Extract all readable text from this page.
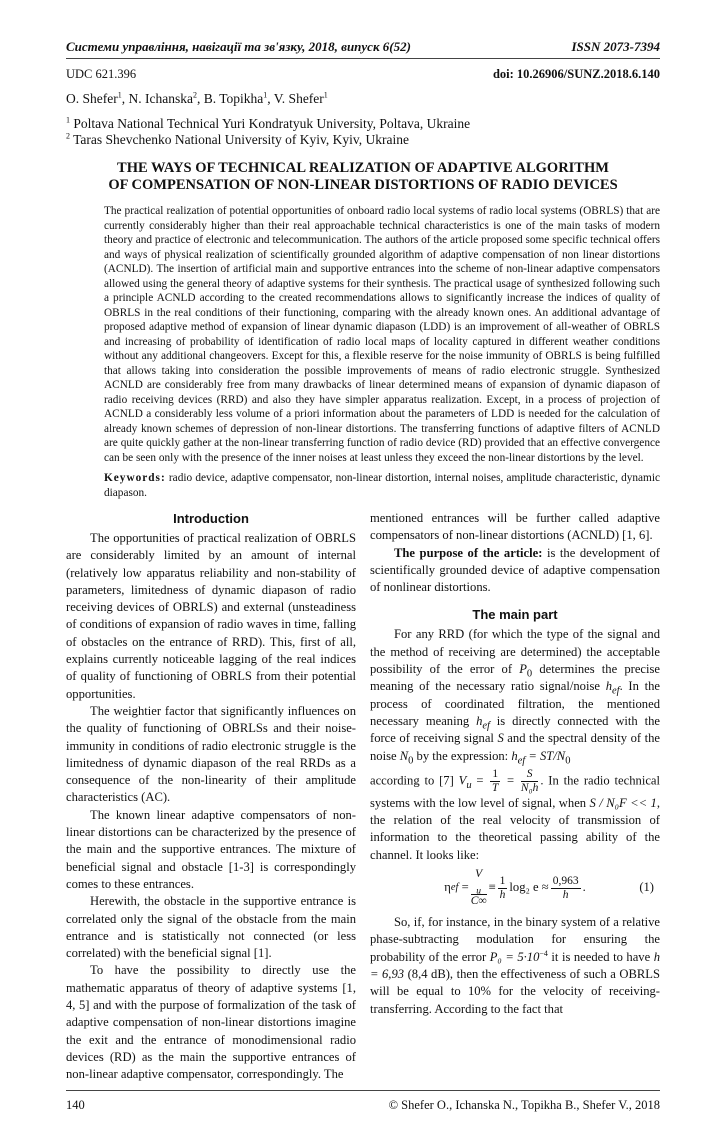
Системи управління, навігації та зв'язку, 2018, випуск 6(52)	ISSN 2073-7394
UDC 621.396	doi: 10.26906/SUNZ.2018.6.140
O. Shefer$^1$, N. Ichanska$^2$, B. Topikha$^1$, V. Shefer$^1$
$^1$ Poltava National Technical Yuri Kondratyuk University, Poltava, Ukraine
$^2$ Taras Shevchenko National University of Kyiv, Kyiv, Ukraine
THE WAYS OF TECHNICAL REALIZATION OF ADAPTIVE ALGORITHM
OF COMPENSATION OF NON-LINEAR DISTORTIONS OF RADIO DEVICES
The practical realization of potential opportunities of onboard radio local systems of radio local systems (OBRLS) that are currently considerably higher than their real approachable technical characteristics is one of the main tasks of modern theory and practice of electronic and telecommunication. The authors of the article proposed some specific technical offers and ways of physical realization of scientifically grounded algorithm of adaptive compensation of non linear distortions (ACNLD). The insertion of artificial main and supportive entrances into the scheme of non-linear adaptive compensators allowed using the general theory of adaptive systems for their synthesis. The practical usage of synthesized following such a principle ACNLD according to the created recommendations allows to significantly increase the indices of quality of OBRLS in the real conditions of their functioning, comparing with the already known ones. An additional advantage of proposed adaptive method of expansion of linear dynamic diapason (LDD) is an improvement of all-weather of OBRLS and increasing of probability of identification of radio local maps of locality captured in different weather conditions without any additional changeovers. Except for this, a flexible reserve for the noise immunity of OBRLS is being fulfilled that allows taking into consideration the possible improvements of means of radio electronic struggle. Synthesized ACNLD are considerably free from many drawbacks of linear determined means of expansion of dynamic diapason of radio receiving devices (RRD) and also they have simpler apparatus realization. Except, in a process of projection of ACNLD a considerably less volume of a priori information about the parameters of LDD is needed for the calculation of already known schemes of depression of non-linear distortions. The transferring functions of adaptive filters of ACNLD are quite quickly gather at the non-linear transferring function of radio device (RD) provided that an effective convergence can be seen only with the presence of the inner noises at least unless they exceed the non-linear distortions by the level.
Keywords: radio device, adaptive compensator, non-linear distortion, internal noises, amplitude characteristic, dynamic diapason.
Introduction

The opportunities of practical realization of OBRLS are considerably limited by an amount of internal (relatively low apparatus reliability and non-stability of parameters, limitedness of dynamic diapason of radio receiving devices of OBRLS) and external (unsteadiness of conditions of expansion of radio waves in time, falling of obstacles on the entrance of RRD). This, first of all, explains currently noticeable lagging of the real indices of quality of functioning of OBRLS from their potential opportunities.

The weightier factor that significantly influences on the quality of functioning of OBRLSs and their noise-immunity in conditions of radio electronic struggle is the limitedness of dynamic diapason of the real RRDs as a consequence of the non-linearity of their amplitude characteristics (AC).

The known linear adaptive compensators of non-linear distortions can be characterized by the presence of the main and the supportive entrances. The mixture of beneficial signal and obstacle [1-3] is correspondingly comes to these entrances.

Herewith, the obstacle in the supportive entrance is correlated only the signal of the obstacle from the main entrance and is statistically not connected (or less correlated) with the beneficial signal [1].

To have the possibility to directly use the mathematic apparatus of theory of adaptive systems [1, 4, 5] and with the purpose of formalization of the task of adaptive compensation of non-linear distortions imagine the exit and the entrance of monodimensional radio devices (RD) as the main the supportive entrances of non-linear adaptive compensator, correspondingly. The

mentioned entrances will be further called adaptive compensators of non-linear distortions (ACNLD) [1, 6].

The purpose of the article: is the development of scientifically grounded device of adaptive compensation of nonlinear distortions.

The main part

For any RRD (for which the type of the signal and the method of receiving are determined) the acceptable possibility of the error of $P_0$ determines the precise meaning of the necessary ratio signal/noise $h_{ef}$. In the process of coordinated filtration, the mentioned necessary meaning $h_{ef}$ is directly connected with the force of receiving signal S and the spectral density of the noise $N_0$ by the expression: $h_{ef} = ST/N_0$

according to [7] $V_u = \frac{1}{T} = \frac{S}{\text{N₀h}}$ . In the radio technical systems with the low level of signal, when S / N₀F << 1, the relation of the real velocity of transmission of information to the theoretical passing ability of the channel. It looks like:

η ef = V
$_u$
$C\infty \equiv \frac{1}{h} \log_2$ $e \approx \frac{0,963}{h}$ .	(1)

So, if, for instance, in the binary system of a relative phase-subtracting modulation for ensuring the probability of the error $P_0 = 5\cdot 10^{-4}$ it is needed to have h = 6,93 (8,4 dB), then the effectiveness of such a OBRLS will be equal to 10% for the velocity of receiving-transferring. According to the fact that

140	© Shefer O., Ichanska N., Topikha B., Shefer V., 2018
